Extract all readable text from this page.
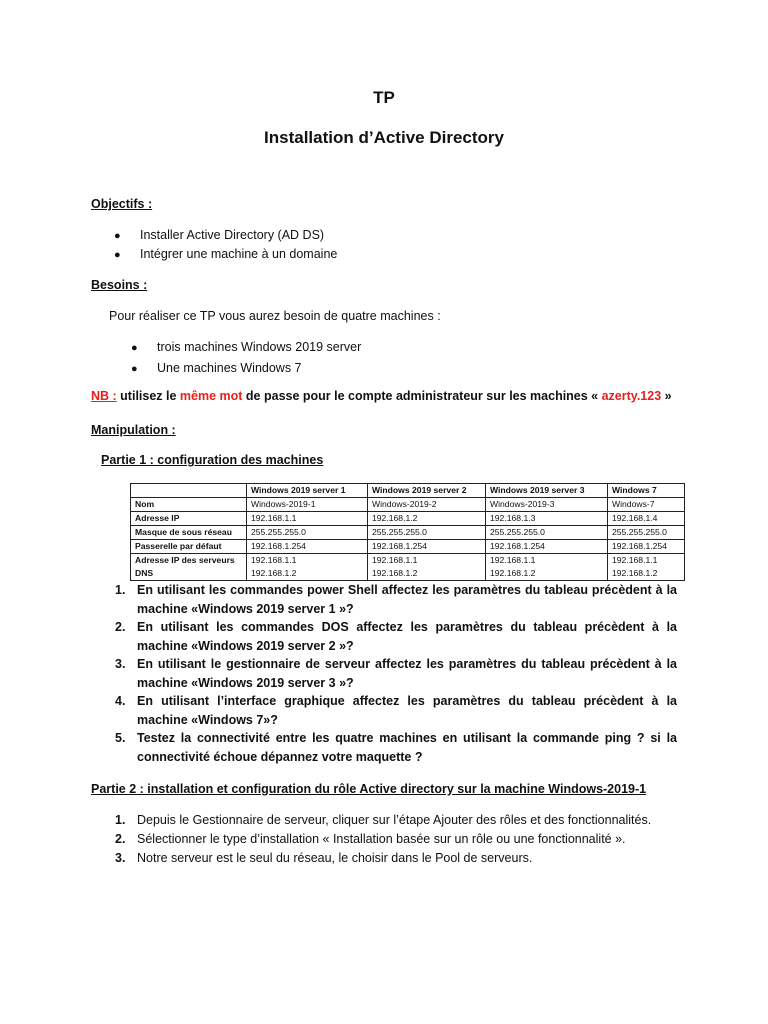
TP
Installation d’Active Directory
Objectifs :
● Installer Active Directory (AD DS)
● Intégrer une machine à un domaine
Besoins :
Pour réaliser ce TP vous aurez besoin de quatre machines :
● trois machines Windows 2019 server
● Une machines Windows 7
NB : utilisez le même mot de passe pour le compte administrateur sur les machines « azerty.123 »
Manipulation :
Partie 1 : configuration des machines
	Windows 2019 server 1	Windows 2019 server 2	Windows 2019 server 3	Windows 7
Nom	Windows-2019-1	Windows-2019-2	Windows-2019-3	Windows-7
Adresse IP	192.168.1.1	192.168.1.2	192.168.1.3	192.168.1.4
Masque de sous réseau	255.255.255.0	255.255.255.0	255.255.255.0	255.255.255.0
Passerelle par défaut	192.168.1.254	192.168.1.254	192.168.1.254	192.168.1.254
Adresse IP des serveurs	192.168.1.1	192.168.1.1	192.168.1.1	192.168.1.1
DNS	192.168.1.2	192.168.1.2	192.168.1.2	192.168.1.2
1. En utilisant les commandes power Shell affectez les paramètres du tableau précèdent à la machine «Windows 2019 server 1 »?
2. En utilisant les commandes DOS affectez les paramètres du tableau précèdent à la machine «Windows 2019 server 2 »?
3. En utilisant le gestionnaire de serveur affectez les paramètres du tableau précèdent à la machine «Windows 2019 server 3 »?
4. En utilisant l’interface graphique affectez les paramètres du tableau précèdent à la machine «Windows 7»?
5. Testez la connectivité entre les quatre machines en utilisant la commande ping ? si la connectivité échoue dépannez votre maquette ?
Partie 2 : installation et configuration du rôle Active directory sur la machine Windows-2019-1
1. Depuis le Gestionnaire de serveur, cliquer sur l’étape Ajouter des rôles et des fonctionnalités.
2. Sélectionner le type d’installation « Installation basée sur un rôle ou une fonctionnalité ».
3. Notre serveur est le seul du réseau, le choisir dans le Pool de serveurs.
